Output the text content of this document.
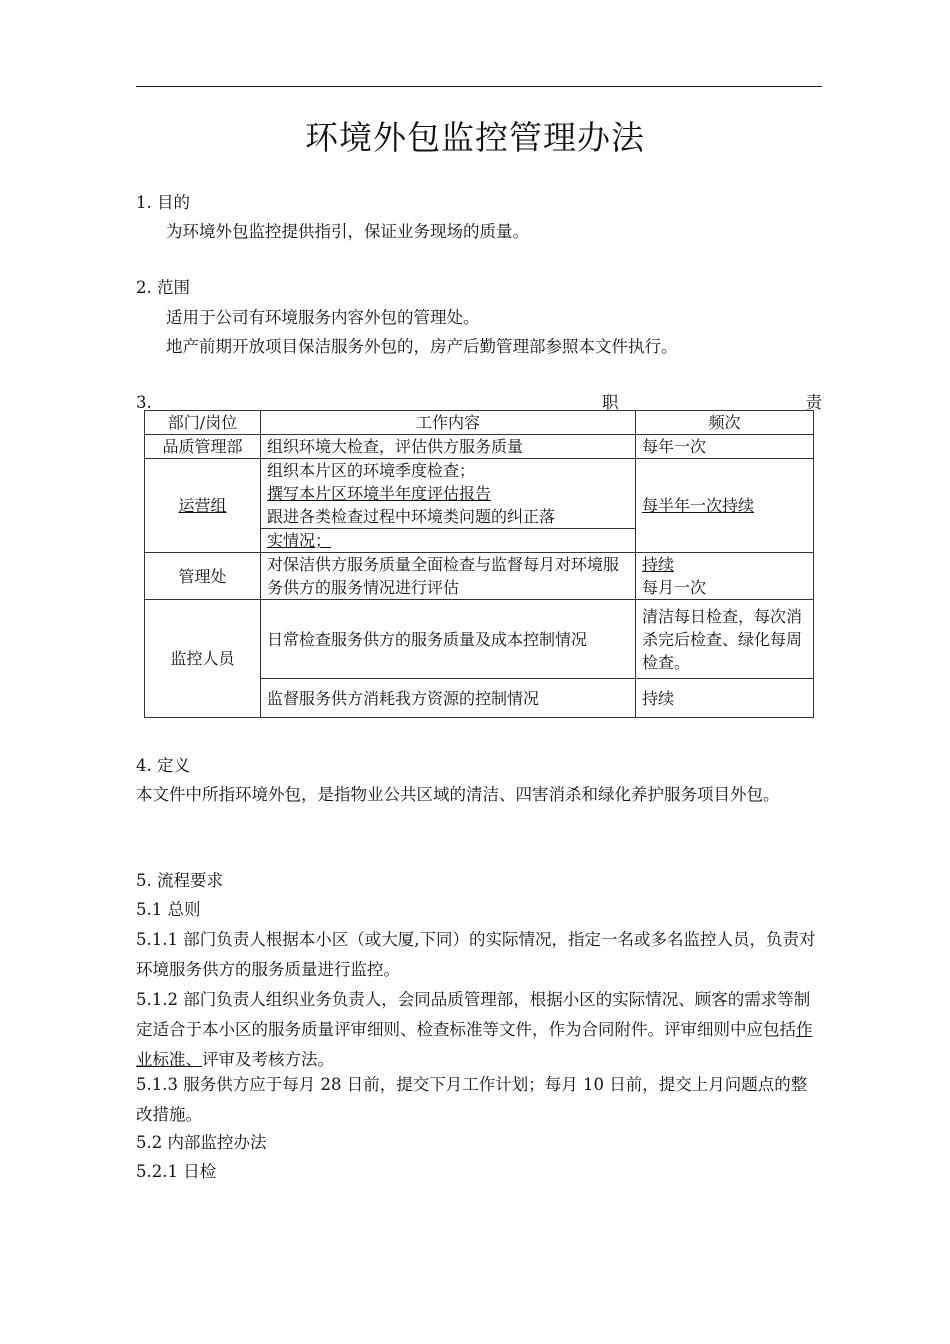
环境外包监控管理办法
1. 目的
为环境外包监控提供指引，保证业务现场的质量。
2. 范围
适用于公司有环境服务内容外包的管理处。
地产前期开放项目保洁服务外包的，房产后勤管理部参照本文件执行。
3.	职	责
部门/岗位	工作内容	频次
品质管理部	组织环境大检查，评估供方服务质量	每年一次
运营组	组织本片区的环境季度检查；
撰写本片区环境半年度评估报告
跟进各类检查过程中环境类问题的纠正落
实情况；	每半年一次持续
管理处	对保洁供方服务质量全面检查与监督每月对环境服务供方的服务情况进行评估	持续
每月一次

监控人员	日常检查服务供方的服务质量及成本控制情况	清洁每日检查，每次消杀完后检查、绿化每周检查。
	监督服务供方消耗我方资源的控制情况	持续
4. 定义
本文件中所指环境外包，是指物业公共区域的清洁、四害消杀和绿化养护服务项目外包。
5. 流程要求
5.1 总则
5.1.1 部门负责人根据本小区（或大厦,下同）的实际情况，指定一名或多名监控人员，负责对环境服务供方的服务质量进行监控。
5.1.2 部门负责人组织业务负责人，会同品质管理部，根据小区的实际情况、顾客的需求等制定适合于本小区的服务质量评审细则、检查标准等文件，作为合同附件。评审细则中应包括作业标准、评审及考核方法。
5.1.3 服务供方应于每月 28 日前，提交下月工作计划；每月 10 日前，提交上月问题点的整改措施。
5.2 内部监控办法
5.2.1 日检
